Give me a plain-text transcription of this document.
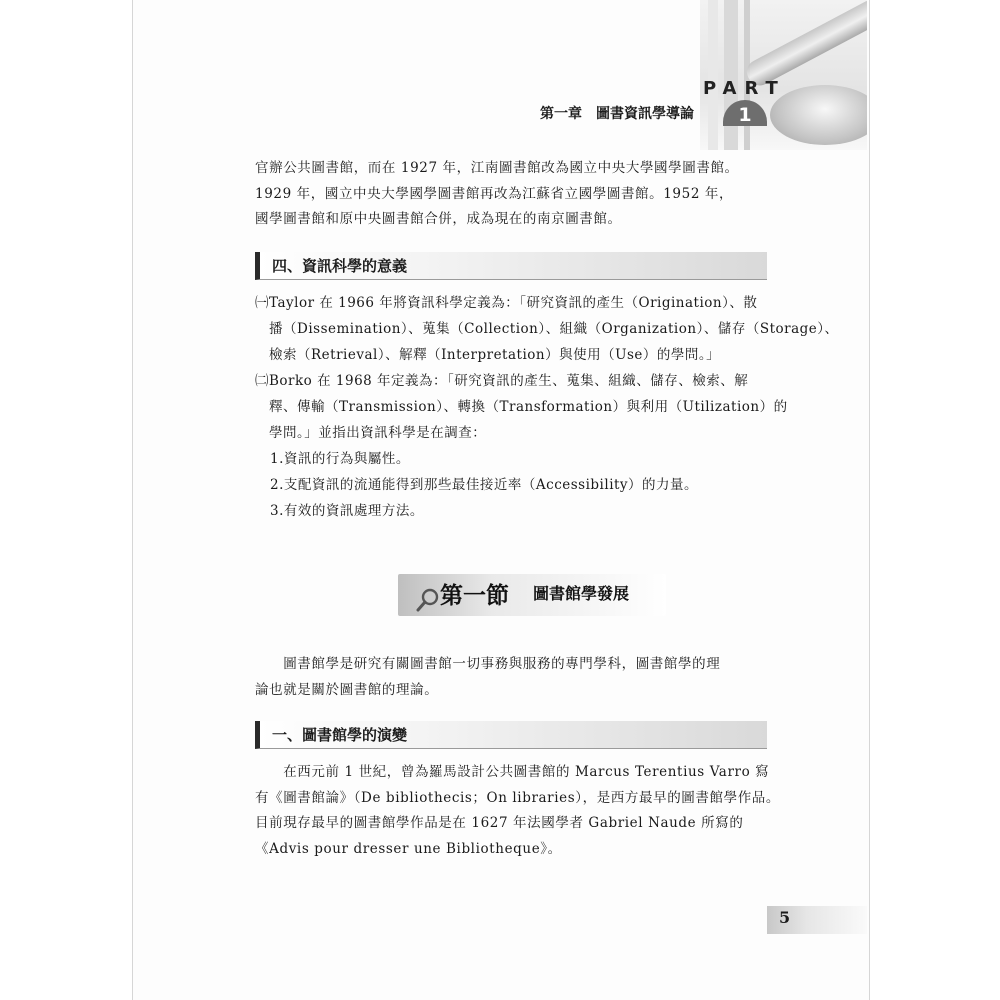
PART
1
第一章　圖書資訊學導論
官辦公共圖書館，而在 1927 年，江南圖書館改為國立中央大學國學圖書館。
1929 年，國立中央大學國學圖書館再改為江蘇省立國學圖書館。1952 年，
國學圖書館和原中央圖書館合併，成為現在的南京圖書館。
四、資訊科學的意義
㈠Taylor 在 1966 年將資訊科學定義為：「研究資訊的產生（Origination）、散
播（Dissemination）、蒐集（Collection）、組織（Organization）、儲存（Storage）、
檢索（Retrieval）、解釋（Interpretation）與使用（Use）的學問。」
㈡Borko 在 1968 年定義為：「研究資訊的產生、蒐集、組織、儲存、檢索、解
釋、傳輸（Transmission）、轉換（Transformation）與利用（Utilization）的
學問。」並指出資訊科學是在調查：
1.資訊的行為與屬性。
2.支配資訊的流通能得到那些最佳接近率（Accessibility）的力量。
3.有效的資訊處理方法。
第一節 圖書館學發展
　　圖書館學是研究有關圖書館一切事務與服務的專門學科，圖書館學的理
論也就是關於圖書館的理論。
一、圖書館學的演變
　　在西元前 1 世紀，曾為羅馬設計公共圖書館的 Marcus Terentius Varro 寫
有《圖書館論》（De bibliothecis；On libraries），是西方最早的圖書館學作品。
目前現存最早的圖書館學作品是在 1627 年法國學者 Gabriel Naude 所寫的
《Advis pour dresser une Bibliotheque》。
5
